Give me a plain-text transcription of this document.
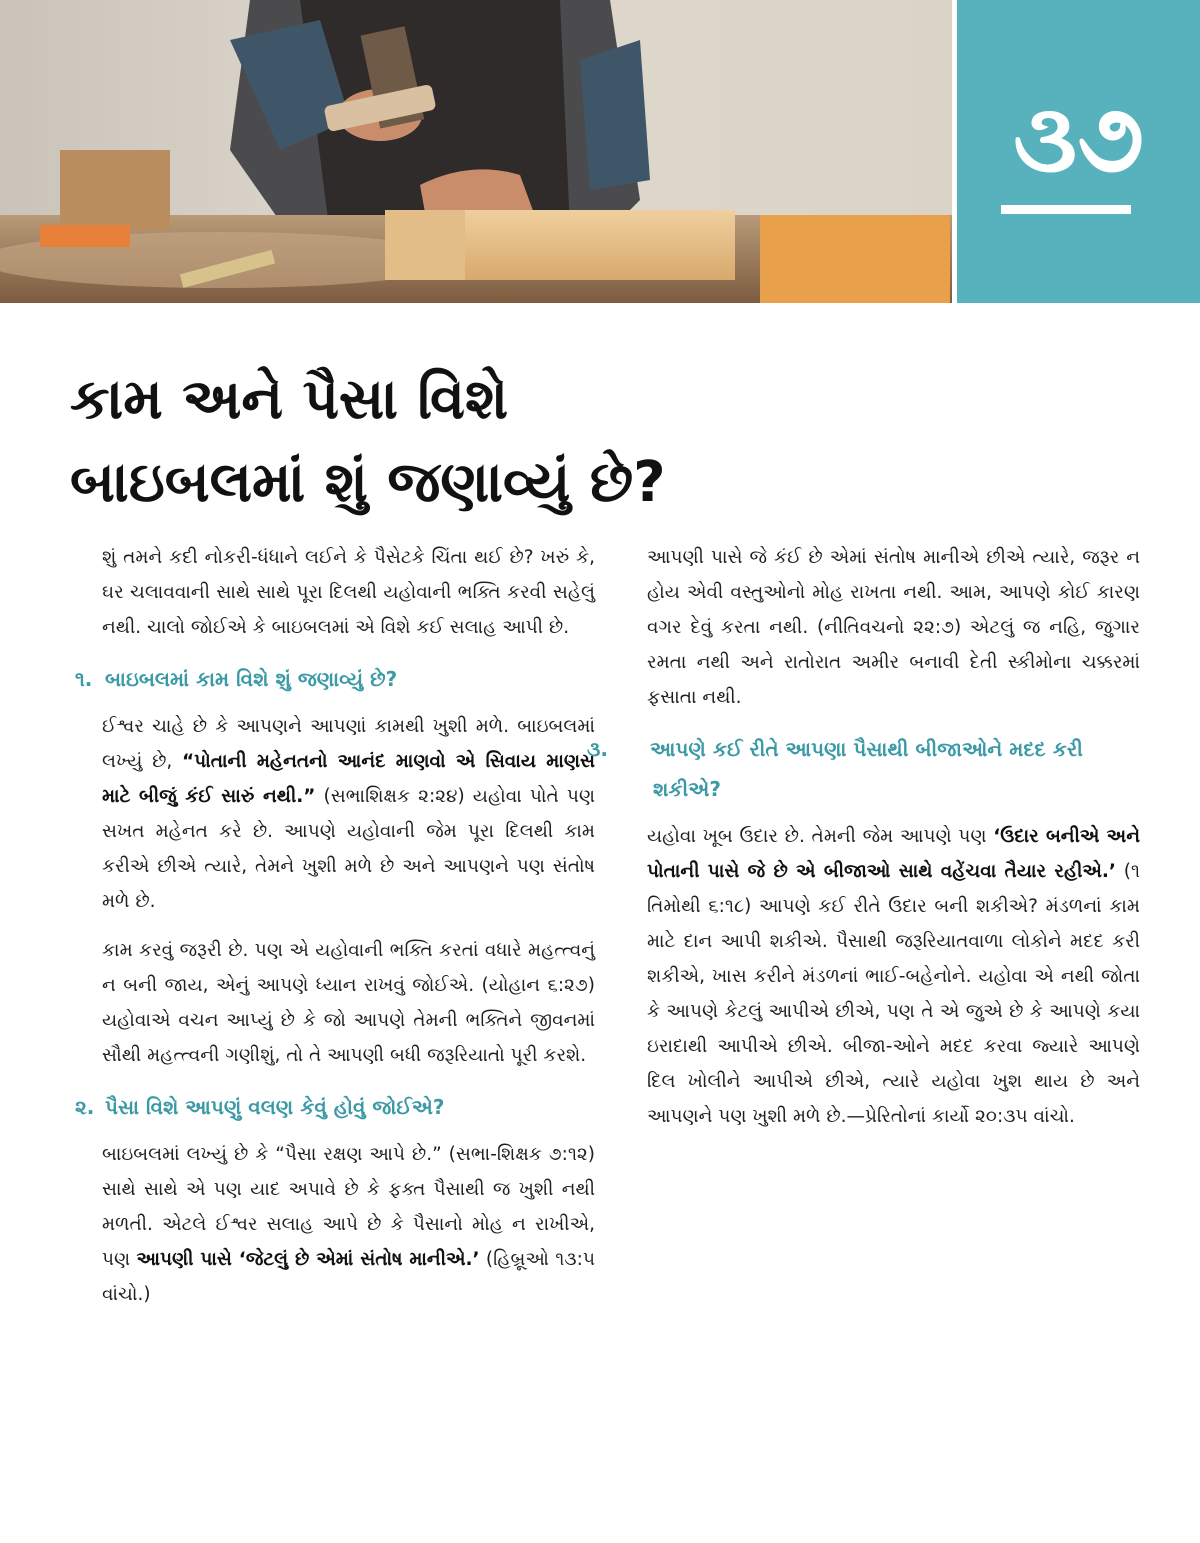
૩૭
કામ અને પૈસા વિશે
બાઇબલમાં શું જણાવ્યું છે?

શું તમને કદી નોકરી-ધંધાને લઈને કે પૈસેટકે ચિંતા થઈ છે? ખરું કે, ઘર ચલાવવાની સાથે સાથે પૂરા દિલથી યહોવાની ભક્તિ કરવી સહેલું નથી. ચાલો જોઈએ કે બાઇબલમાં એ વિશે કઈ સલાહ આપી છે.

૧. બાઇબલમાં કામ વિશે શું જણાવ્યું છે?

ઈશ્વર ચાહે છે કે આપણને આપણાં કામથી ખુશી મળે. બાઇબલમાં લખ્યું છે, “પોતાની મહેનતનો આનંદ માણવો એ સિવાય માણસ માટે બીજું કંઈ સારું નથી.” (સભાશિક્ષક ૨:૨૪) યહોવા પોતે પણ સખત મહેનત કરે છે. આપણે યહોવાની જેમ પૂરા દિલથી કામ કરીએ છીએ ત્યારે, તેમને ખુશી મળે છે અને આપણને પણ સંતોષ મળે છે.

કામ કરવું જરૂરી છે. પણ એ યહોવાની ભક્તિ કરતાં વધારે મહત્ત્વનું ન બની જાય, એનું આપણે ધ્યાન રાખવું જોઈએ. (યોહાન ૬:૨૭) યહોવાએ વચન આપ્યું છે કે જો આપણે તેમની ભક્તિને જીવનમાં સૌથી મહત્ત્વની ગણીશું, તો તે આપણી બધી જરૂરિયાતો પૂરી કરશે.

૨. પૈસા વિશે આપણું વલણ કેવું હોવું જોઈએ?

બાઇબલમાં લખ્યું છે કે “પૈસા રક્ષણ આપે છે.” (સભા-શિક્ષક ૭:૧૨) સાથે સાથે એ પણ યાદ અપાવે છે કે ફક્ત પૈસાથી જ ખુશી નથી મળતી. એટલે ઈશ્વર સલાહ આપે છે કે પૈસાનો મોહ ન રાખીએ, પણ આપણી પાસે ‘જેટલું છે એમાં સંતોષ માનીએ.’ (હિબ્રૂઓ ૧૩:૫ વાંચો.)

આપણી પાસે જે કંઈ છે એમાં સંતોષ માનીએ છીએ ત્યારે, જરૂર ન હોય એવી વસ્તુઓનો મોહ રાખતા નથી. આમ, આપણે કોઈ કારણ વગર દેવું કરતા નથી. (નીતિવચનો ૨૨:૭) એટલું જ નહિ, જુગાર રમતા નથી અને રાતોરાત અમીર બનાવી દેતી સ્કીમોના ચક્કરમાં ફસાતા નથી.

૩. આપણે કઈ રીતે આપણા પૈસાથી બીજાઓને મદદ કરી શકીએ?

યહોવા ખૂબ ઉદાર છે. તેમની જેમ આપણે પણ ‘ઉદાર બનીએ અને પોતાની પાસે જે છે એ બીજાઓ સાથે વહેંચવા તૈયાર રહીએ.’ (૧ તિમોથી ૬:૧૮) આપણે કઈ રીતે ઉદાર બની શકીએ? મંડળનાં કામ માટે દાન આપી શકીએ. પૈસાથી જરૂરિયાતવાળા લોકોને મદદ કરી શકીએ, ખાસ કરીને મંડળનાં ભાઈ-બહેનોને. યહોવા એ નથી જોતા કે આપણે કેટલું આપીએ છીએ, પણ તે એ જુએ છે કે આપણે કયા ઇરાદાથી આપીએ છીએ. બીજા-ઓને મદદ કરવા જ્યારે આપણે દિલ ખોલીને આપીએ છીએ, ત્યારે યહોવા ખુશ થાય છે અને આપણને પણ ખુશી મળે છે.—પ્રેરિતોનાં કાર્યો ૨૦:૩૫ વાંચો.
